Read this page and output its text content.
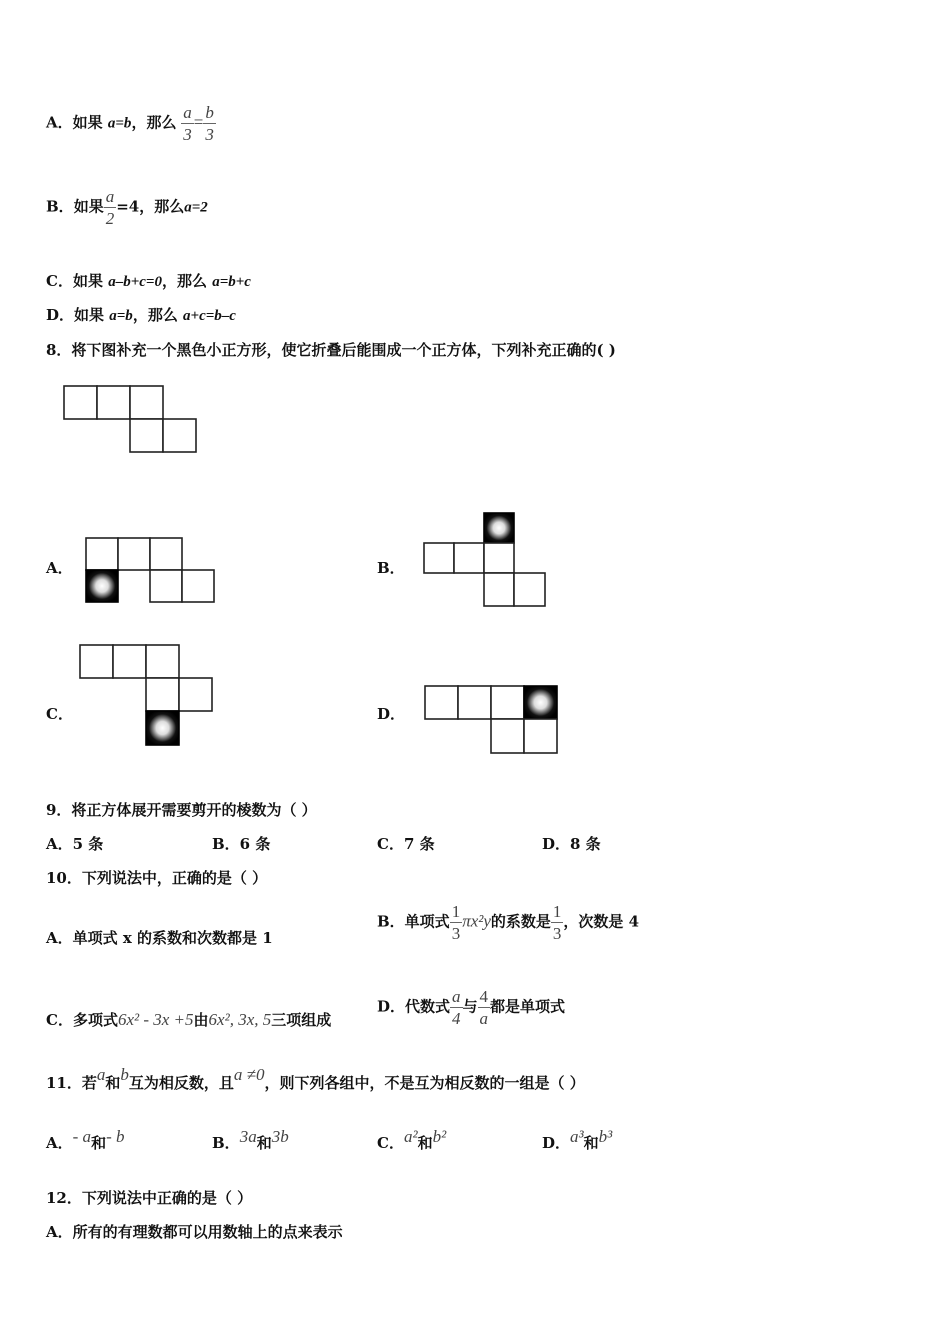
A．如果 a=b，那么 $\frac{a}{3} = \frac{b}{3}$
B．如果 $\frac{a}{2} =4$，那么a=2
C．如果 a–b+c=0，那么 a=b+c
D．如果 a=b，那么 a+c=b–c
8．将下图补充一个黑色小正方形，使它折叠后能围成一个正方体，下列补充正确的( )
A．	B．
C．	D．
9．将正方体展开需要剪开的棱数为（ ）
A．5 条	B．6 条	C．7 条	D．8 条
10．下列说法中，正确的是（ ）
A．单项式 x 的系数和次数都是 1
B．单项式 $\frac{1}{3} \pi x^2y$的系数是 $\frac{1}{3}$ ，次数是 4
C．多项式6x² - 3x +5由6x², 3x, 5三项组成
D．代数式 $\frac{a}{4}$ 与 $\frac{4}{a}$ 都是单项式
11．若a和b互为相反数，且a ≠0，则下列各组中，不是互为相反数的一组是（ ）
A．- a和- b	B．3a和3b	C．a²和b²	D．a³和b³
12．下列说法中正确的是（ ）
A．所有的有理数都可以用数轴上的点来表示
